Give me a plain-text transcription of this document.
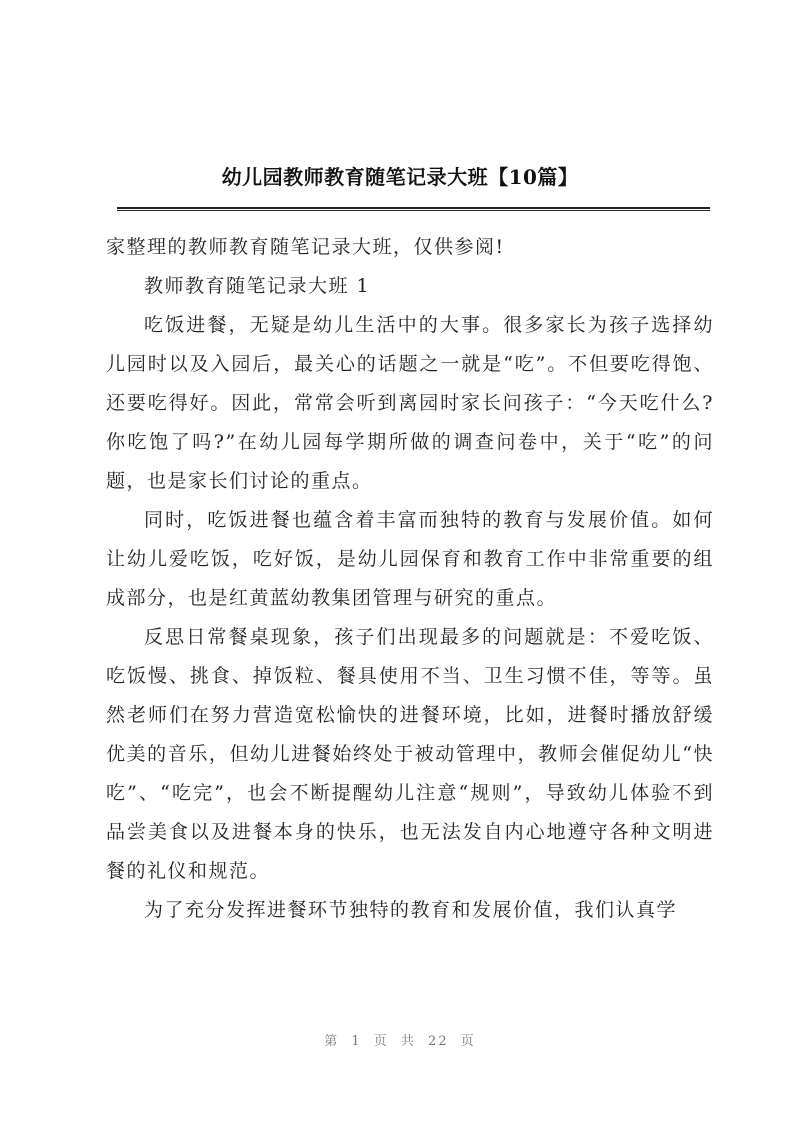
幼儿园教师教育随笔记录大班【10篇】

家整理的教师教育随笔记录大班，仅供参阅!

教师教育随笔记录大班 1

吃饭进餐，无疑是幼儿生活中的大事。很多家长为孩子选择幼儿园时以及入园后，最关心的话题之一就是“吃”。不但要吃得饱、还要吃得好。因此，常常会听到离园时家长问孩子：“今天吃什么?你吃饱了吗?”在幼儿园每学期所做的调查问卷中，关于“吃”的问题，也是家长们讨论的重点。

同时，吃饭进餐也蕴含着丰富而独特的教育与发展价值。如何让幼儿爱吃饭，吃好饭，是幼儿园保育和教育工作中非常重要的组成部分，也是红黄蓝幼教集团管理与研究的重点。

反思日常餐桌现象，孩子们出现最多的问题就是：不爱吃饭、吃饭慢、挑食、掉饭粒、餐具使用不当、卫生习惯不佳，等等。虽然老师们在努力营造宽松愉快的进餐环境，比如，进餐时播放舒缓优美的音乐，但幼儿进餐始终处于被动管理中，教师会催促幼儿“快吃”、“吃完”，也会不断提醒幼儿注意“规则”，导致幼儿体验不到品尝美食以及进餐本身的快乐，也无法发自内心地遵守各种文明进餐的礼仪和规范。

为了充分发挥进餐环节独特的教育和发展价值，我们认真学

第 1 页 共 22 页
